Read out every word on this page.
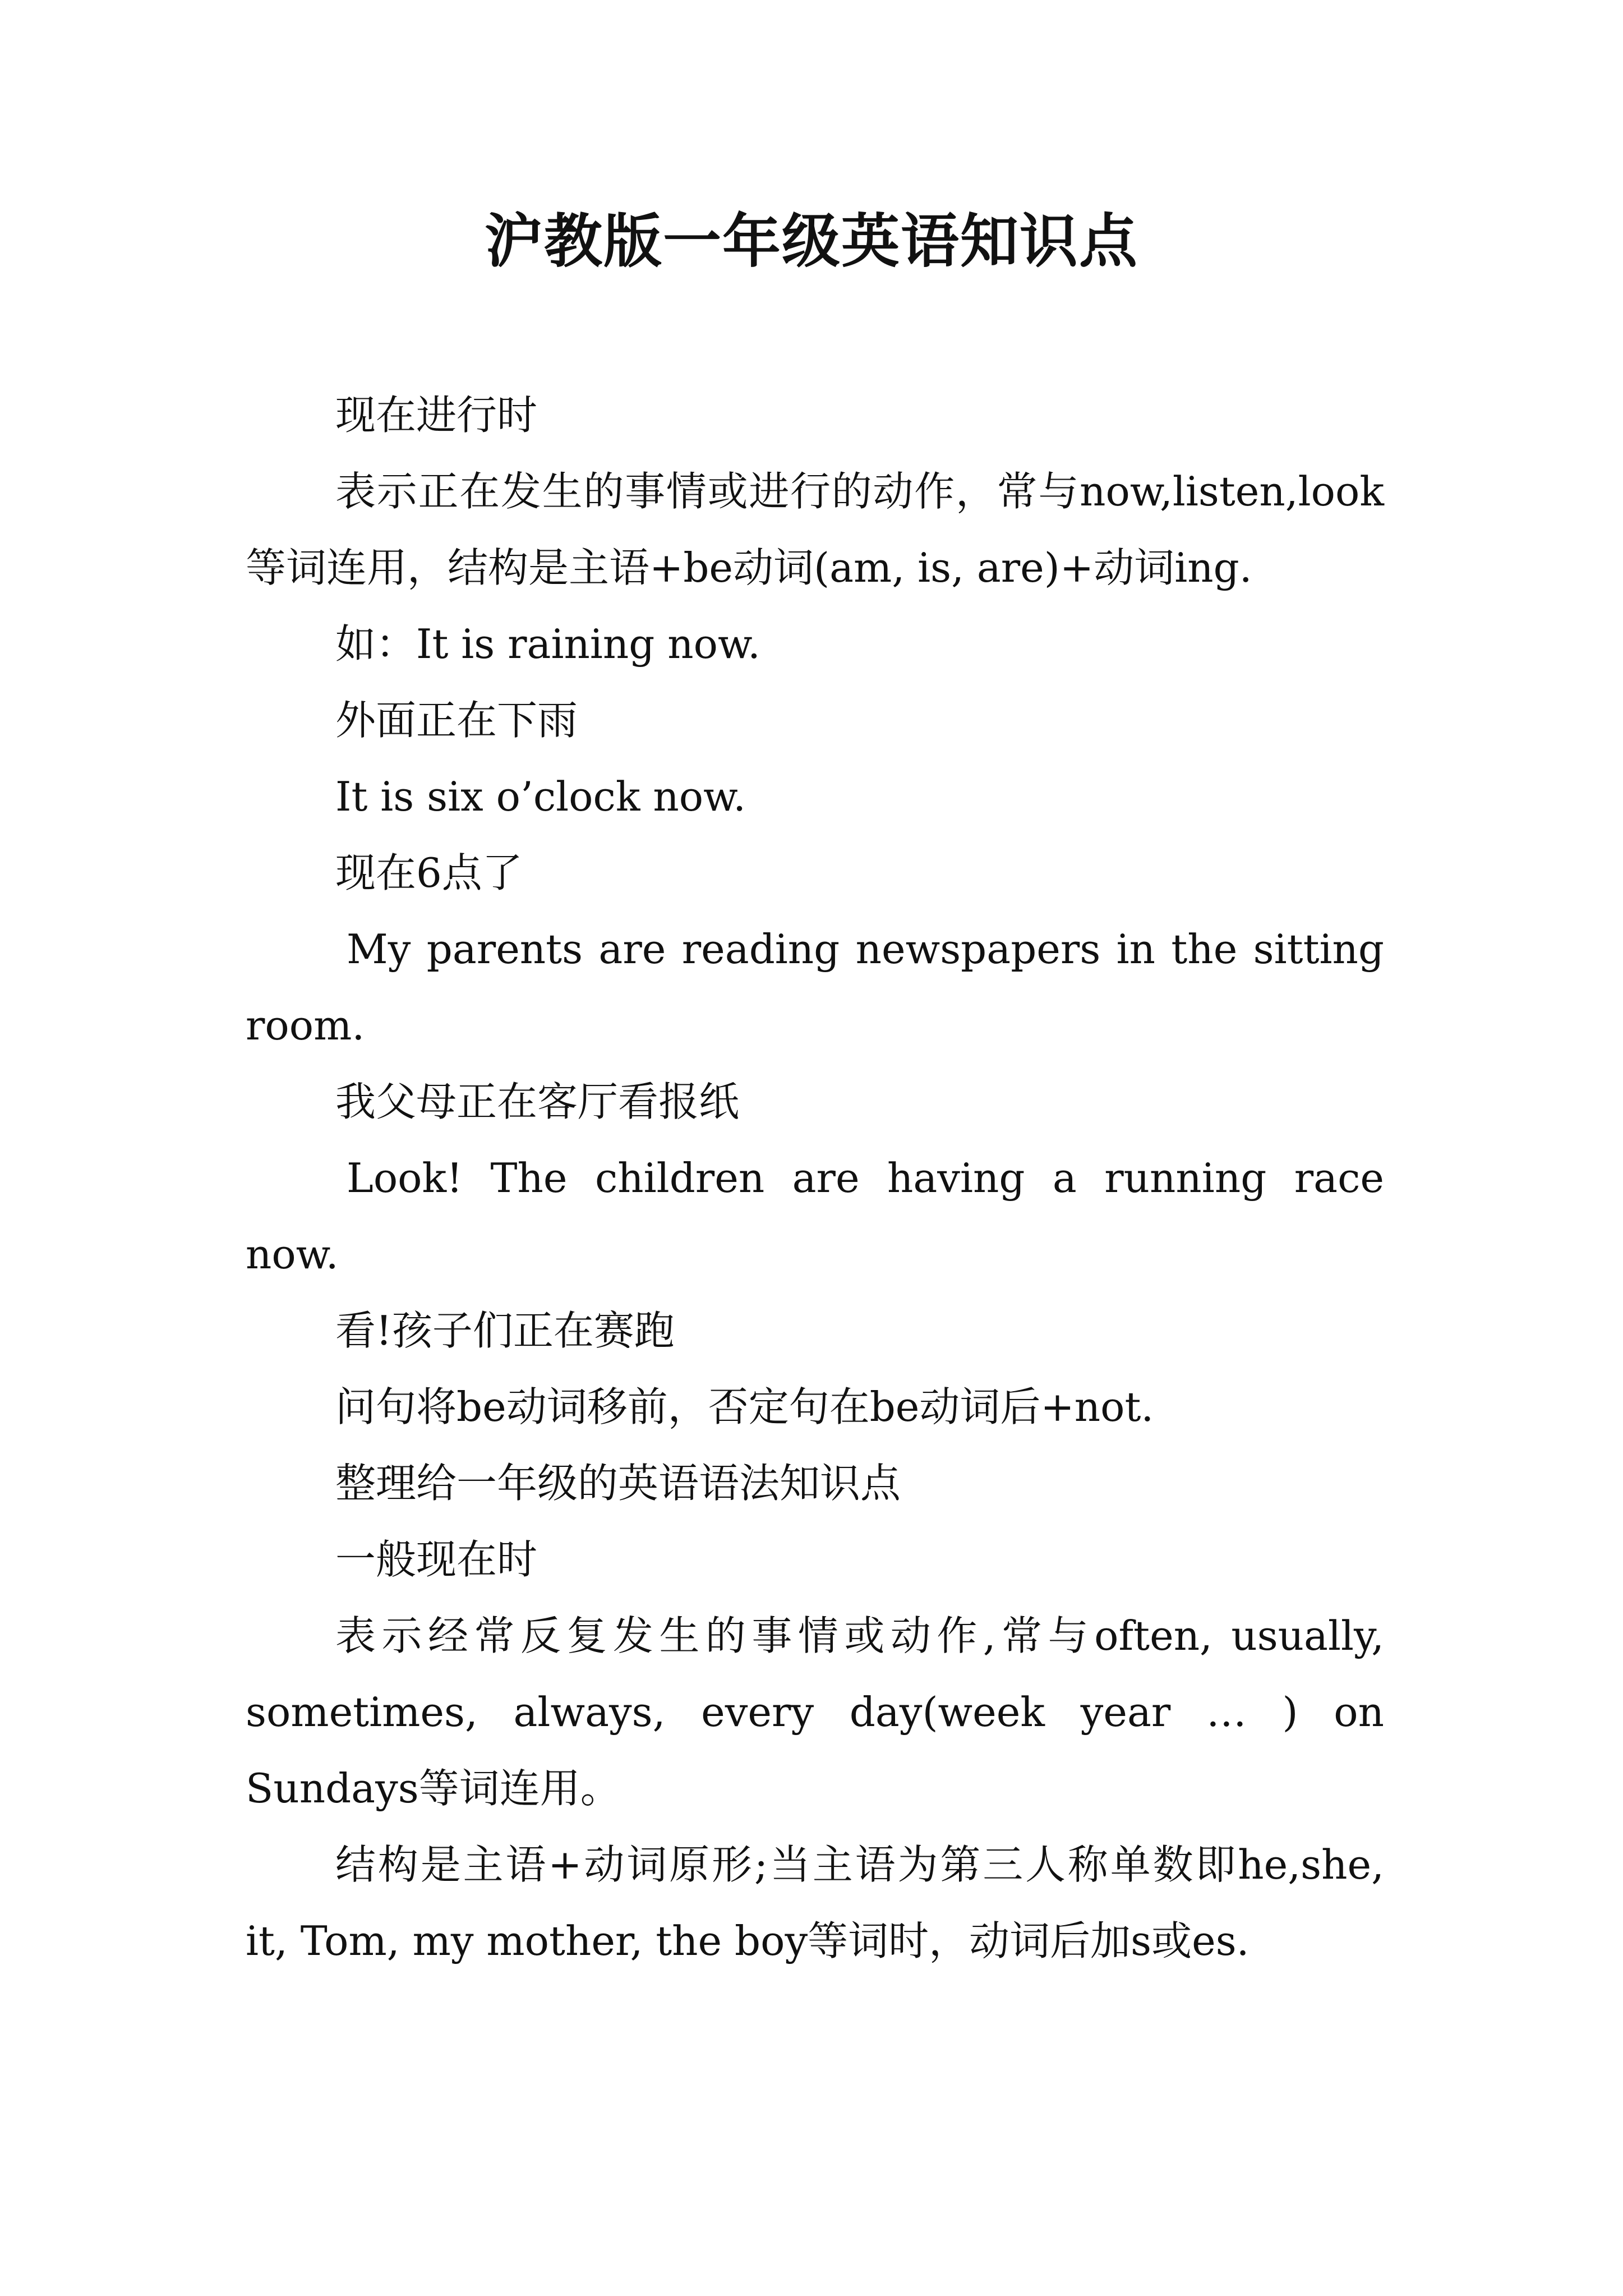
沪教版一年级英语知识点

现在进行时

表示正在发生的事情或进行的动作，常与now,listen,look等词连用，结构是主语+be动词(am, is, are)+动词ing.

如：It is raining now.

外面正在下雨

It is six o’clock now.

现在6点了

My parents are reading newspapers in the sitting room.

我父母正在客厅看报纸

Look! The children are having a running race now.

看!孩子们正在赛跑

问句将be动词移前，否定句在be动词后+not.

整理给一年级的英语语法知识点

一般现在时

表示经常反复发生的事情或动作,常与often, usually, sometimes, always, every day(week year … ) on Sundays等词连用。

结构是主语+动词原形;当主语为第三人称单数即he,she, it, Tom, my mother, the boy等词时，动词后加s或es.
